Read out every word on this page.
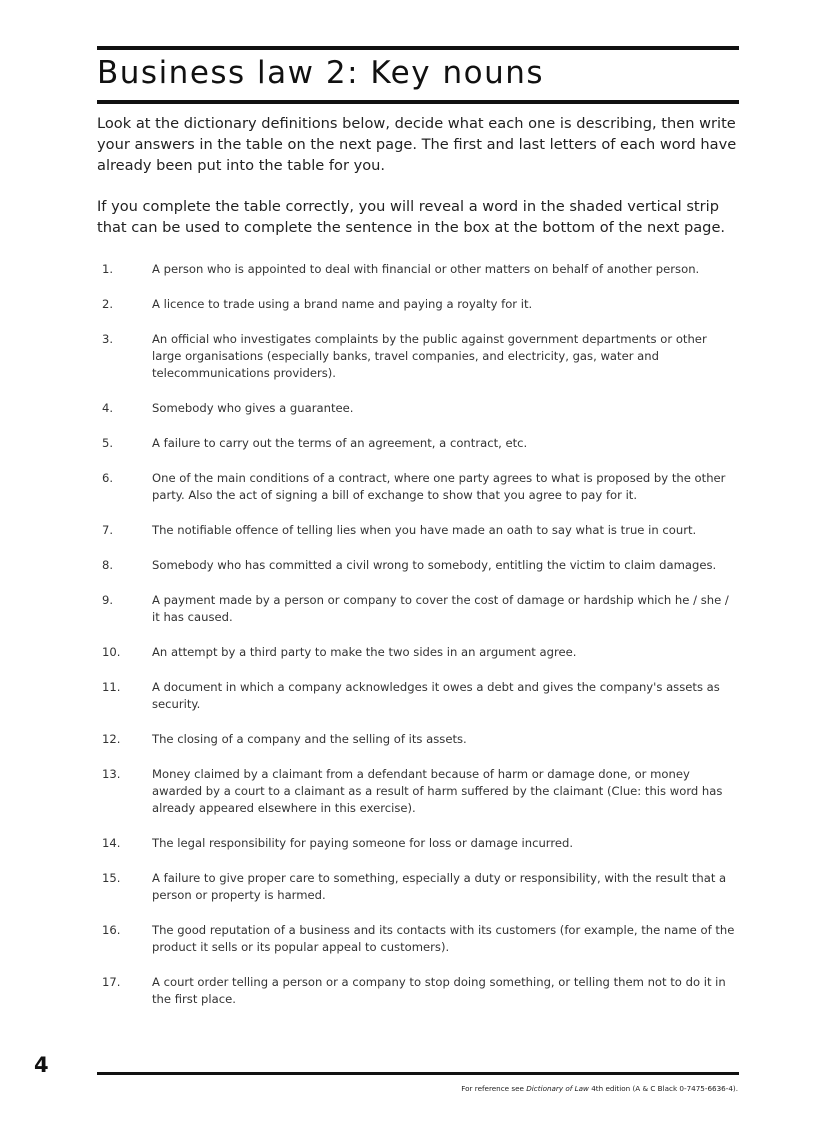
Business law 2: Key nouns

Look at the dictionary definitions below, decide what each one is describing, then write your answers in the table on the next page. The first and last letters of each word have already been put into the table for you.

If you complete the table correctly, you will reveal a word in the shaded vertical strip that can be used to complete the sentence in the box at the bottom of the next page.

1.	A person who is appointed to deal with financial or other matters on behalf of another person.
2.	A licence to trade using a brand name and paying a royalty for it.
3.	An official who investigates complaints by the public against government departments or other large organisations (especially banks, travel companies, and electricity, gas, water and telecommunications providers).
4.	Somebody who gives a guarantee.
5.	A failure to carry out the terms of an agreement, a contract, etc.
6.	One of the main conditions of a contract, where one party agrees to what is proposed by the other party. Also the act of signing a bill of exchange to show that you agree to pay for it.
7.	The notifiable offence of telling lies when you have made an oath to say what is true in court.
8.	Somebody who has committed a civil wrong to somebody, entitling the victim to claim damages.
9.	A payment made by a person or company to cover the cost of damage or hardship which he / she / it has caused.
10.	An attempt by a third party to make the two sides in an argument agree.
11.	A document in which a company acknowledges it owes a debt and gives the company's assets as security.
12.	The closing of a company and the selling of its assets.
13.	Money claimed by a claimant from a defendant because of harm or damage done, or money awarded by a court to a claimant as a result of harm suffered by the claimant (Clue: this word has already appeared elsewhere in this exercise).
14.	The legal responsibility for paying someone for loss or damage incurred.
15.	A failure to give proper care to something, especially a duty or responsibility, with the result that a person or property is harmed.
16.	The good reputation of a business and its contacts with its customers (for example, the name of the product it sells or its popular appeal to customers).
17.	A court order telling a person or a company to stop doing something, or telling them not to do it in the first place.
4
For reference see Dictionary of Law 4th edition (A & C Black 0-7475-6636-4).
